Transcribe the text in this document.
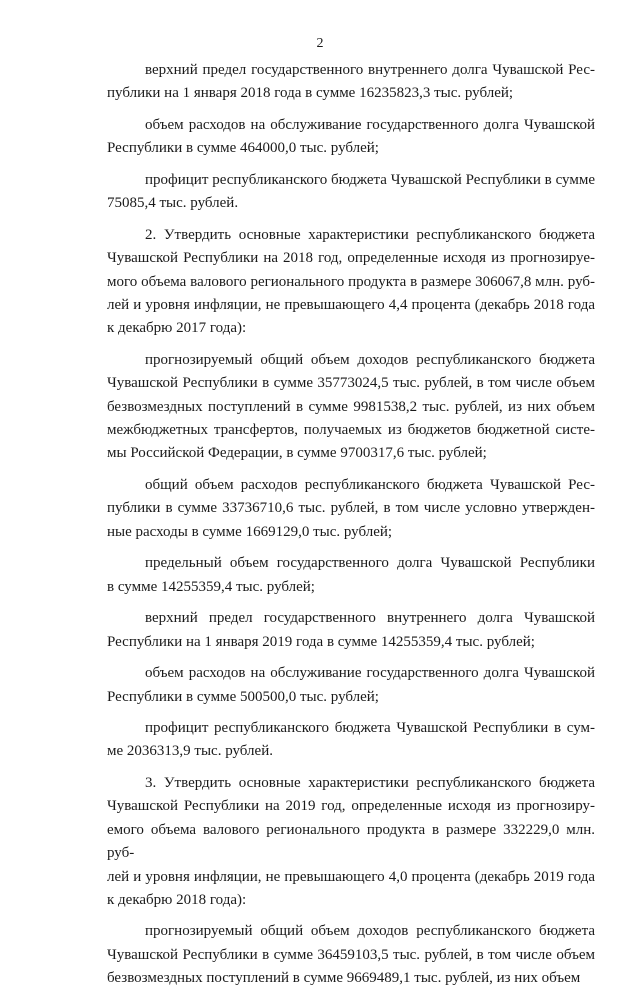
2
верхний предел государственного внутреннего долга Чувашской Рес-
публики на 1 января 2018 года в сумме 16235823,3 тыс. рублей;
объем расходов на обслуживание государственного долга Чувашской
Республики в сумме 464000,0 тыс. рублей;
профицит республиканского бюджета Чувашской Республики в сумме
75085,4 тыс. рублей.
2. Утвердить основные характеристики республиканского бюджета
Чувашской Республики на 2018 год, определенные исходя из прогнозируе-
мого объема валового регионального продукта в размере 306067,8 млн. руб-
лей и уровня инфляции, не превышающего 4,4 процента (декабрь 2018 года
к декабрю 2017 года):
прогнозируемый общий объем доходов республиканского бюджета
Чувашской Республики в сумме 35773024,5 тыс. рублей, в том числе объем
безвозмездных поступлений в сумме 9981538,2 тыс. рублей, из них объем
межбюджетных трансфертов, получаемых из бюджетов бюджетной систе-
мы Российской Федерации, в сумме 9700317,6 тыс. рублей;
общий объем расходов республиканского бюджета Чувашской Рес-
публики в сумме 33736710,6 тыс. рублей, в том числе условно утвержден-
ные расходы в сумме 1669129,0 тыс. рублей;
предельный объем государственного долга Чувашской Республики
в сумме 14255359,4 тыс. рублей;
верхний предел государственного внутреннего долга Чувашской
Республики на 1 января 2019 года в сумме 14255359,4 тыс. рублей;
объем расходов на обслуживание государственного долга Чувашской
Республики в сумме 500500,0 тыс. рублей;
профицит республиканского бюджета Чувашской Республики в сум-
ме 2036313,9 тыс. рублей.
3. Утвердить основные характеристики республиканского бюджета
Чувашской Республики на 2019 год, определенные исходя из прогнозиру-
емого объема валового регионального продукта в размере 332229,0 млн. руб-
лей и уровня инфляции, не превышающего 4,0 процента (декабрь 2019 года
к декабрю 2018 года):
прогнозируемый общий объем доходов республиканского бюджета
Чувашской Республики в сумме 36459103,5 тыс. рублей, в том числе объем
безвозмездных поступлений в сумме 9669489,1 тыс. рублей, из них объем
